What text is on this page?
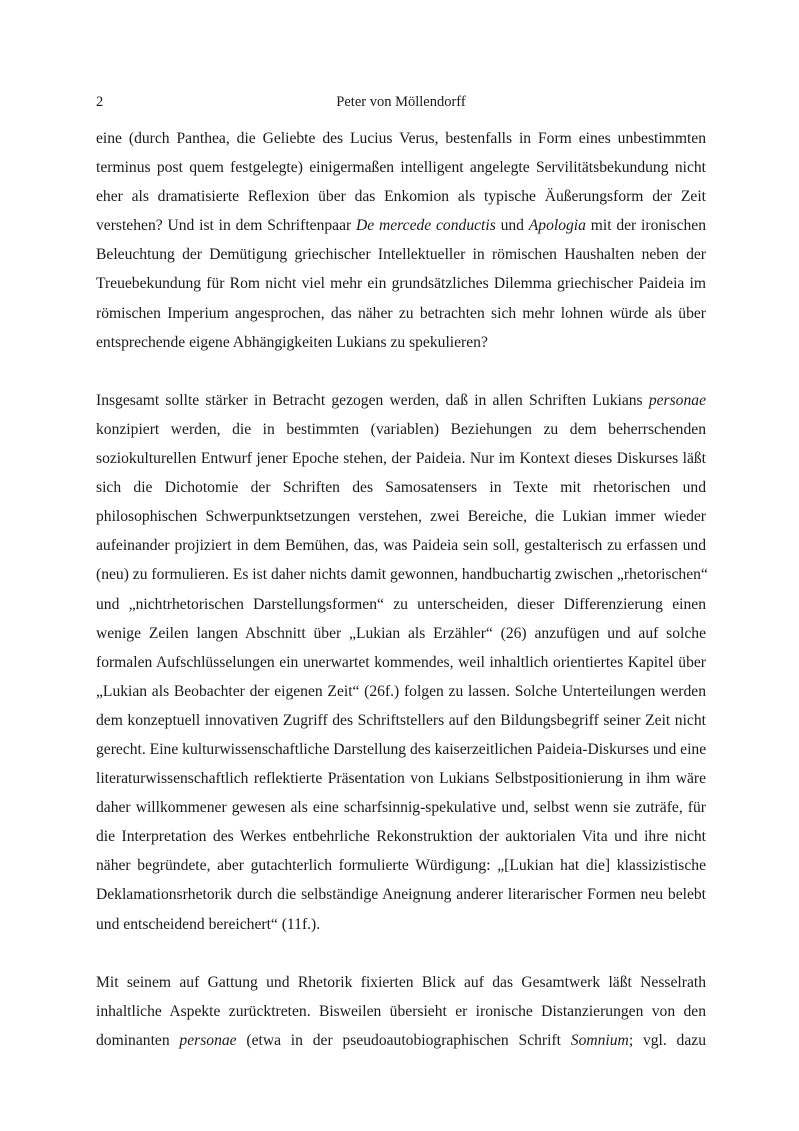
2	Peter von Möllendorff

eine (durch Panthea, die Geliebte des Lucius Verus, bestenfalls in Form eines unbestimmten
terminus post quem festgelegte) einigermaßen intelligent angelegte Servilitätsbekundung nicht
eher als dramatisierte Reflexion über das Enkomion als typische Äußerungsform der Zeit
verstehen? Und ist in dem Schriftenpaar De mercede conductis und Apologia mit der ironischen
Beleuchtung der Demütigung griechischer Intellektueller in römischen Haushalten neben der
Treuebekundung für Rom nicht viel mehr ein grundsätzliches Dilemma griechischer Paideia im
römischen Imperium angesprochen, das näher zu betrachten sich mehr lohnen würde als über
entsprechende eigene Abhängigkeiten Lukians zu spekulieren?

Insgesamt sollte stärker in Betracht gezogen werden, daß in allen Schriften Lukians personae
konzipiert werden, die in bestimmten (variablen) Beziehungen zu dem beherrschenden
soziokulturellen Entwurf jener Epoche stehen, der Paideia. Nur im Kontext dieses Diskurses läßt
sich die Dichotomie der Schriften des Samosatensers in Texte mit rhetorischen und
philosophischen Schwerpunktsetzungen verstehen, zwei Bereiche, die Lukian immer wieder
aufeinander projiziert in dem Bemühen, das, was Paideia sein soll, gestalterisch zu erfassen und
(neu) zu formulieren. Es ist daher nichts damit gewonnen, handbuchartig zwischen „rhetorischen“
und „nichtrhetorischen Darstellungsformen“ zu unterscheiden, dieser Differenzierung einen
wenige Zeilen langen Abschnitt über „Lukian als Erzähler“ (26) anzufügen und auf solche
formalen Aufschlüsselungen ein unerwartet kommendes, weil inhaltlich orientiertes Kapitel über
„Lukian als Beobachter der eigenen Zeit“ (26f.) folgen zu lassen. Solche Unterteilungen werden
dem konzeptuell innovativen Zugriff des Schriftstellers auf den Bildungsbegriff seiner Zeit nicht
gerecht. Eine kulturwissenschaftliche Darstellung des kaiserzeitlichen Paideia-Diskurses und eine
literaturwissenschaftlich reflektierte Präsentation von Lukians Selbstpositionierung in ihm wäre
daher willkommener gewesen als eine scharfsinnig-spekulative und, selbst wenn sie zuträfe, für
die Interpretation des Werkes entbehrliche Rekonstruktion der auktorialen Vita und ihre nicht
näher begründete, aber gutachterlich formulierte Würdigung: „[Lukian hat die] klassizistische
Deklamationsrhetorik durch die selbständige Aneignung anderer literarischer Formen neu belebt
und entscheidend bereichert“ (11f.).

Mit seinem auf Gattung und Rhetorik fixierten Blick auf das Gesamtwerk läßt Nesselrath
inhaltliche Aspekte zurücktreten. Bisweilen übersieht er ironische Distanzierungen von den
dominanten personae (etwa in der pseudoautobiographischen Schrift Somnium; vgl. dazu
